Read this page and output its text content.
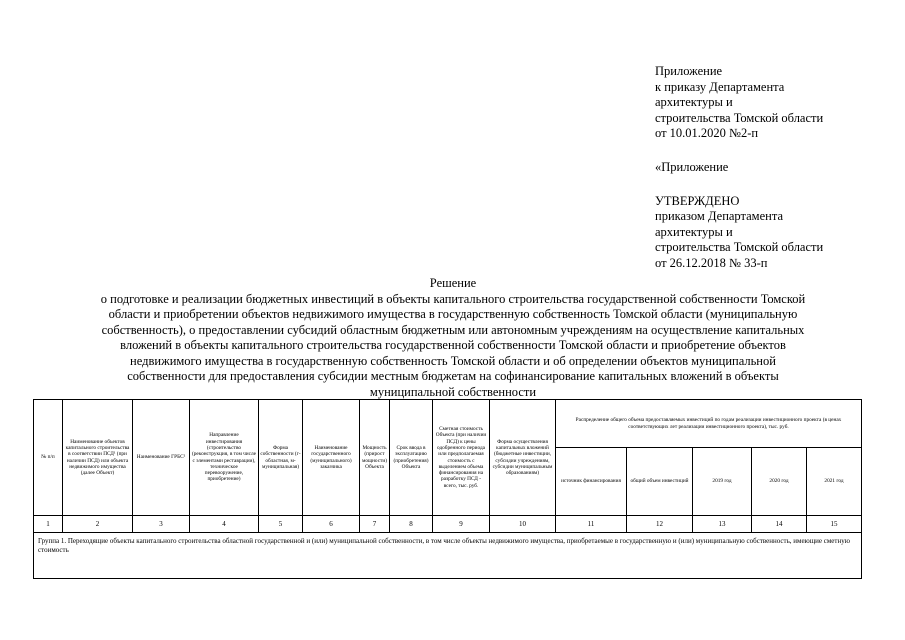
Приложение
к приказу Департамента
архитектуры и
строительства Томской области
от 10.01.2020 №2-п
«Приложение
УТВЕРЖДЕНО
приказом Департамента
архитектуры и
строительства Томской области
от 26.12.2018 № 33-п
Решение
о подготовке и реализации бюджетных инвестиций в объекты капитального строительства государственной собственности Томской
области и приобретении объектов недвижимого имущества в государственную собственность Томской области (муниципальную
собственность), о предоставлении субсидий областным бюджетным или автономным учреждениям на осуществление капитальных
вложений в объекты капитального строительства государственной собственности Томской области и приобретение объектов
недвижимого имущества в государственную собственность Томской области и об определении объектов муниципальной
собственности для предоставления субсидии местным бюджетам на софинансирование капитальных вложений в объекты
муниципальной собственности
№ п/п	Наименование объектов капитального строительства в соответствии ПСД¹ (при наличии ПСД) или объекта недвижимого имущества (далее Объект)	Наименование ГРБС²	Направление инвестирования (строительство (реконструкция, в том числе с элементами реставрации), техническое перевооружение, приобретение)	Форма собственности (г-областная, м-муниципальная)	Наименование государственного (муниципального) заказчика	Мощность (прирост мощности) Объекта	Срок ввода в эксплуатацию (приобретения) Объекта	Сметная стоимость Объекта (при наличии ПСД) к цены одобренного периода или предполагаемая стоимость с выделением объема финансирования на разработку ПСД - всего, тыс. руб.	Форма осуществления капитальных вложений (бюджетные инвестиции, субсидии учреждениям, субсидии муниципальным образованиям)	Распределение общего объема предоставляемых инвестиций по годам реализации инвестиционного проекта (в ценах соответствующих лет реализации инвестиционного проекта), тыс. руб.				
										источник финансирования	общий объем инвестиций	2019 год	2020 год	2021 год
1	2	3	4	5	6	7	8	9	10	11	12	13	14	15
Группа 1. Переходящие объекты капитального строительства областной государственной и (или) муниципальной собственности, в том числе объекты недвижимого имущества, приобретаемые в государственную и (или) муниципальную собственность, имеющие сметную стоимость														
